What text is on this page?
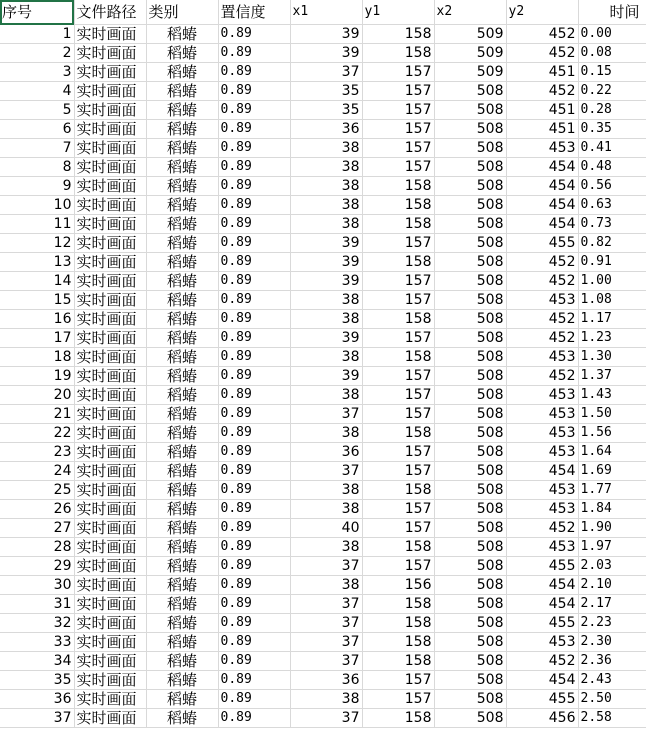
序号	文件路径	类别	置信度	x1	y1	x2	y2	时间
1	实时画面	稻蝽	0.89	39	158	509	452	0.00
2	实时画面	稻蝽	0.89	39	158	509	452	0.08
3	实时画面	稻蝽	0.89	37	157	509	451	0.15
4	实时画面	稻蝽	0.89	35	157	508	452	0.22
5	实时画面	稻蝽	0.89	35	157	508	451	0.28
6	实时画面	稻蝽	0.89	36	157	508	451	0.35
7	实时画面	稻蝽	0.89	38	157	508	453	0.41
8	实时画面	稻蝽	0.89	38	157	508	454	0.48
9	实时画面	稻蝽	0.89	38	158	508	454	0.56
10	实时画面	稻蝽	0.89	38	158	508	454	0.63
11	实时画面	稻蝽	0.89	38	158	508	454	0.73
12	实时画面	稻蝽	0.89	39	157	508	455	0.82
13	实时画面	稻蝽	0.89	39	158	508	452	0.91
14	实时画面	稻蝽	0.89	39	157	508	452	1.00
15	实时画面	稻蝽	0.89	38	157	508	453	1.08
16	实时画面	稻蝽	0.89	38	158	508	452	1.17
17	实时画面	稻蝽	0.89	39	157	508	452	1.23
18	实时画面	稻蝽	0.89	38	158	508	453	1.30
19	实时画面	稻蝽	0.89	39	157	508	452	1.37
20	实时画面	稻蝽	0.89	38	157	508	453	1.43
21	实时画面	稻蝽	0.89	37	157	508	453	1.50
22	实时画面	稻蝽	0.89	38	158	508	453	1.56
23	实时画面	稻蝽	0.89	36	157	508	453	1.64
24	实时画面	稻蝽	0.89	37	157	508	454	1.69
25	实时画面	稻蝽	0.89	38	158	508	453	1.77
26	实时画面	稻蝽	0.89	38	157	508	453	1.84
27	实时画面	稻蝽	0.89	40	157	508	452	1.90
28	实时画面	稻蝽	0.89	38	158	508	453	1.97
29	实时画面	稻蝽	0.89	37	157	508	455	2.03
30	实时画面	稻蝽	0.89	38	156	508	454	2.10
31	实时画面	稻蝽	0.89	37	158	508	454	2.17
32	实时画面	稻蝽	0.89	37	158	508	455	2.23
33	实时画面	稻蝽	0.89	37	158	508	453	2.30
34	实时画面	稻蝽	0.89	37	158	508	452	2.36
35	实时画面	稻蝽	0.89	36	157	508	454	2.43
36	实时画面	稻蝽	0.89	38	157	508	455	2.50
37	实时画面	稻蝽	0.89	37	158	508	456	2.58
